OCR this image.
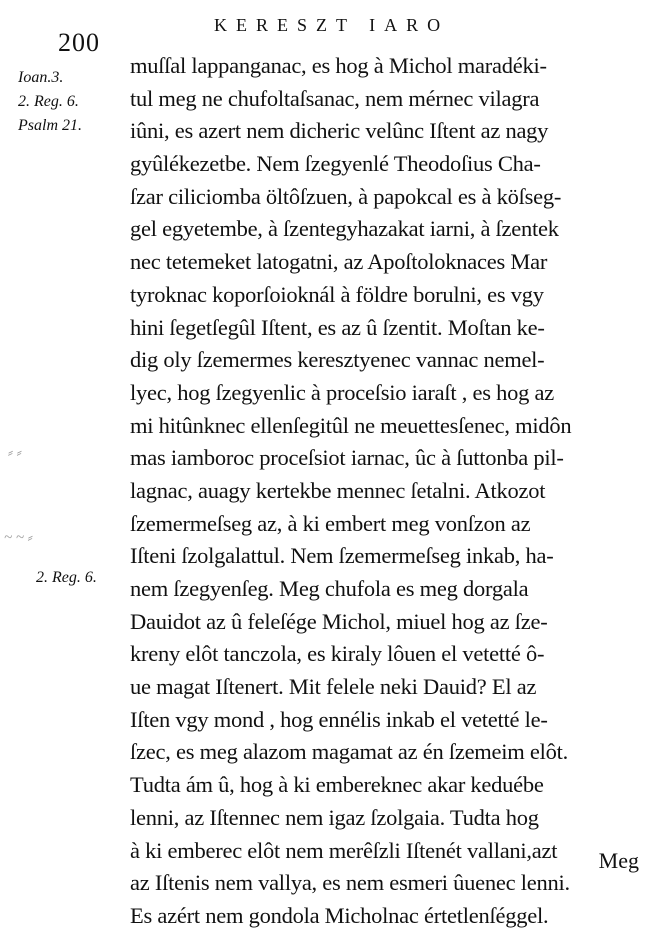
200
KERESZT IARO
Ioan.3.
2. Reg. 6.
Psalm 21.
2. Reg. 6.
⸗ ⸗
~ ~ ⸗
muſſal lappanganac, es hog à Michol maradéki-
tul meg ne chufoltaſsanac, nem mérnec vilagra
iûni, es azert nem dicheric velûnc Iſtent az nagy
gyûlékezetbe. Nem ſzegyenlé Theodoſius Cha-
ſzar ciliciomba öltôſzuen, à papokcal es à köſseg-
gel egyetembe, à ſzentegyhazakat iarni, à ſzentek
nec tetemeket latogatni, az Apoſtoloknaces Mar
tyroknac koporſoioknál à földre borulni, es vgy
hini ſegetſegûl Iſtent, es az û ſzentit. Moſtan ke-
dig oly ſzemermes keresztyenec vannac nemel-
lyec, hog ſzegyenlic à proceſsio iaraſt , es hog az
mi hitûnknec ellenſegitûl ne meuettesſenec, midôn
mas iamboroc proceſsiot iarnac, ûc à ſuttonba pil-
lagnac, auagy kertekbe mennec ſetalni. Atkozot
ſzemermeſseg az, à ki embert meg vonſzon az
Iſteni ſzolgalattul. Nem ſzemermeſseg inkab, ha-
nem ſzegyenſeg. Meg chufola es meg dorgala
Dauidot az û feleſége Michol, miuel hog az ſze-
kreny elôt tanczola, es kiraly lôuen el vetetté ô-
ue magat Iſtenert. Mit felele neki Dauid? El az
Iſten vgy mond , hog ennélis inkab el vetetté le-
ſzec, es meg alazom magamat az én ſzemeim elôt.
Tudta ám û, hog à ki embereknec akar keduébe
lenni, az Iſtennec nem igaz ſzolgaia. Tudta hog
à ki emberec elôt nem merêſzli Iſtenét vallani,azt
az Iſtenis nem vallya, es nem esmeri ûuenec lenni.
Es azért nem gondola Micholnac értetlenſéggel.
Meg
